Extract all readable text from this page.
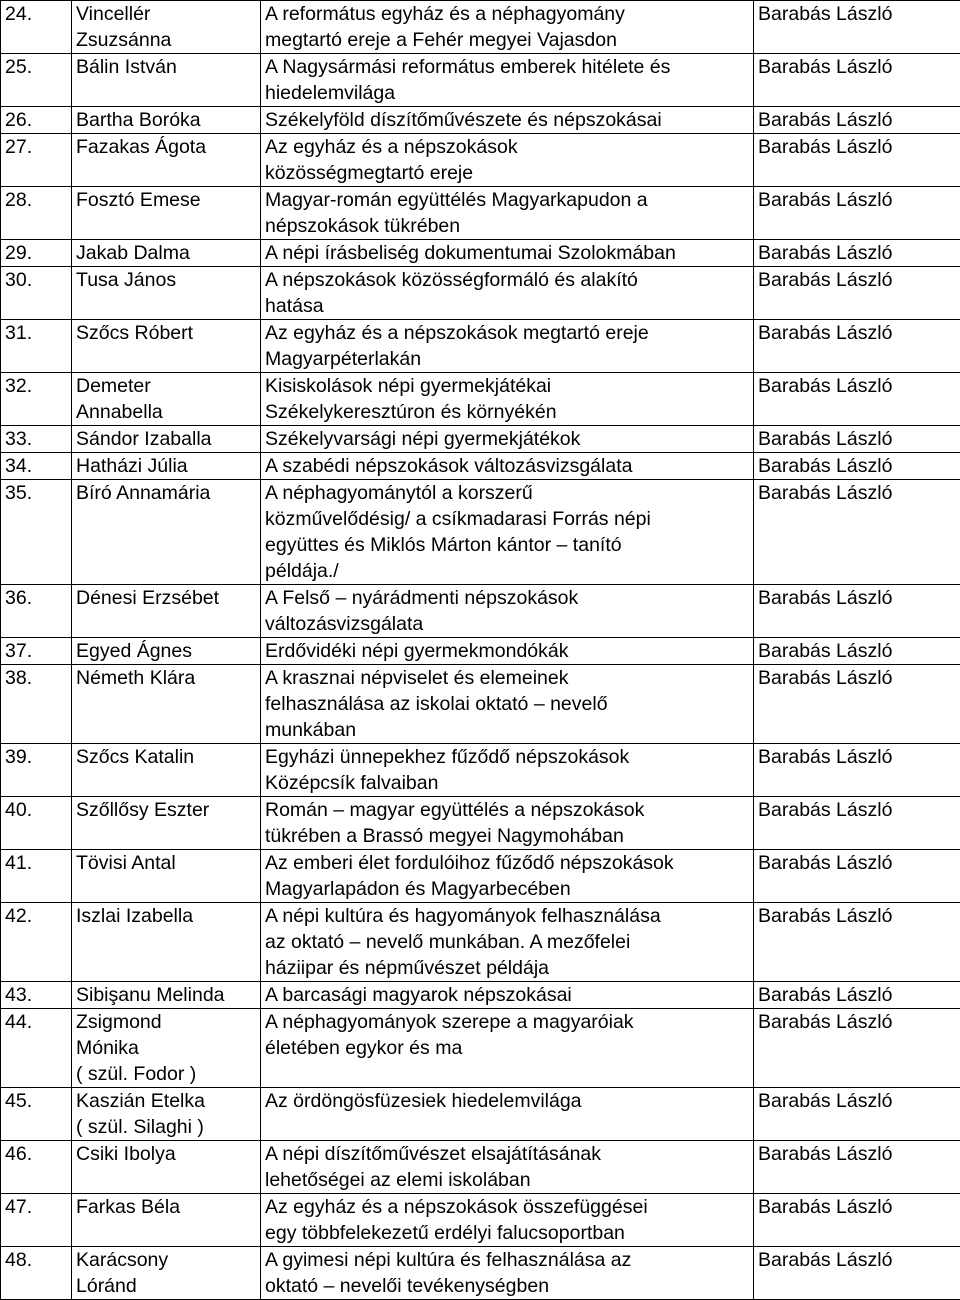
24.	Vincellér
Zsuzsánna	A református egyház és a néphagyomány
megtartó ereje a Fehér megyei Vajasdon	Barabás László

25.	Bálin István	A Nagysármási református emberek hitélete és
hiedelemvilága	Barabás László

26.	Bartha Boróka	Székelyföld díszítőművészete és népszokásai	Barabás László

27.	Fazakas Ágota	Az egyház és a népszokások
közösségmegtartó ereje	Barabás László

28.	Fosztó Emese	Magyar-román együttélés Magyarkapudon a
népszokások tükrében	Barabás László

29.	Jakab Dalma	A népi írásbeliség dokumentumai Szolokmában	Barabás László

30.	Tusa János	A népszokások közösségformáló és alakító
hatása	Barabás László

31.	Szőcs Róbert	Az egyház és a népszokások megtartó ereje
Magyarpéterlakán	Barabás László

32.	Demeter
Annabella	Kisiskolások népi gyermekjátékai
Székelykeresztúron és környékén	Barabás László

33.	Sándor Izaballa	Székelyvarsági népi gyermekjátékok	Barabás László

34.	Hatházi Júlia	A szabédi népszokások változásvizsgálata	Barabás László

35.	Bíró Annamária	A néphagyománytól a korszerű
közművelődésig/ a csíkmadarasi Forrás népi
együttes és Miklós Márton kántor – tanító
példája./	Barabás László

36.	Dénesi Erzsébet	A Felső – nyárádmenti népszokások
változásvizsgálata	Barabás László

37.	Egyed Ágnes	Erdővidéki népi gyermekmondókák	Barabás László

38.	Németh Klára	A krasznai népviselet és elemeinek
felhasználása az iskolai oktató – nevelő
munkában	Barabás László

39.	Szőcs Katalin	Egyházi ünnepekhez fűződő népszokások
Középcsík falvaiban	Barabás László

40.	Szőllősy Eszter	Román – magyar együttélés a népszokások
tükrében a Brassó megyei Nagymohában	Barabás László

41.	Tövisi Antal	Az emberi élet fordulóihoz fűződő népszokások
Magyarlapádon és Magyarbecében	Barabás László

42.	Iszlai Izabella	A népi kultúra és hagyományok felhasználása
az oktató – nevelő munkában. A mezőfelei
háziipar és népművészet példája	Barabás László

43.	Sibişanu Melinda	A barcasági magyarok népszokásai	Barabás László

44.	Zsigmond
Mónika
( szül. Fodor )	A néphagyományok szerepe a magyaróiak
életében egykor és ma	Barabás László

45.	Kaszián Etelka
( szül. Silaghi )	Az ördöngösfüzesiek hiedelemvilága	Barabás László

46.	Csiki Ibolya	A népi díszítőművészet elsajátításának
lehetőségei az elemi iskolában	Barabás László

47.	Farkas Béla	Az egyház és a népszokások összefüggései
egy többfelekezetű erdélyi falucsoportban	Barabás László

48.	Karácsony
Lóránd	A gyimesi népi kultúra és felhasználása az
oktató – nevelői tevékenységben	Barabás László
